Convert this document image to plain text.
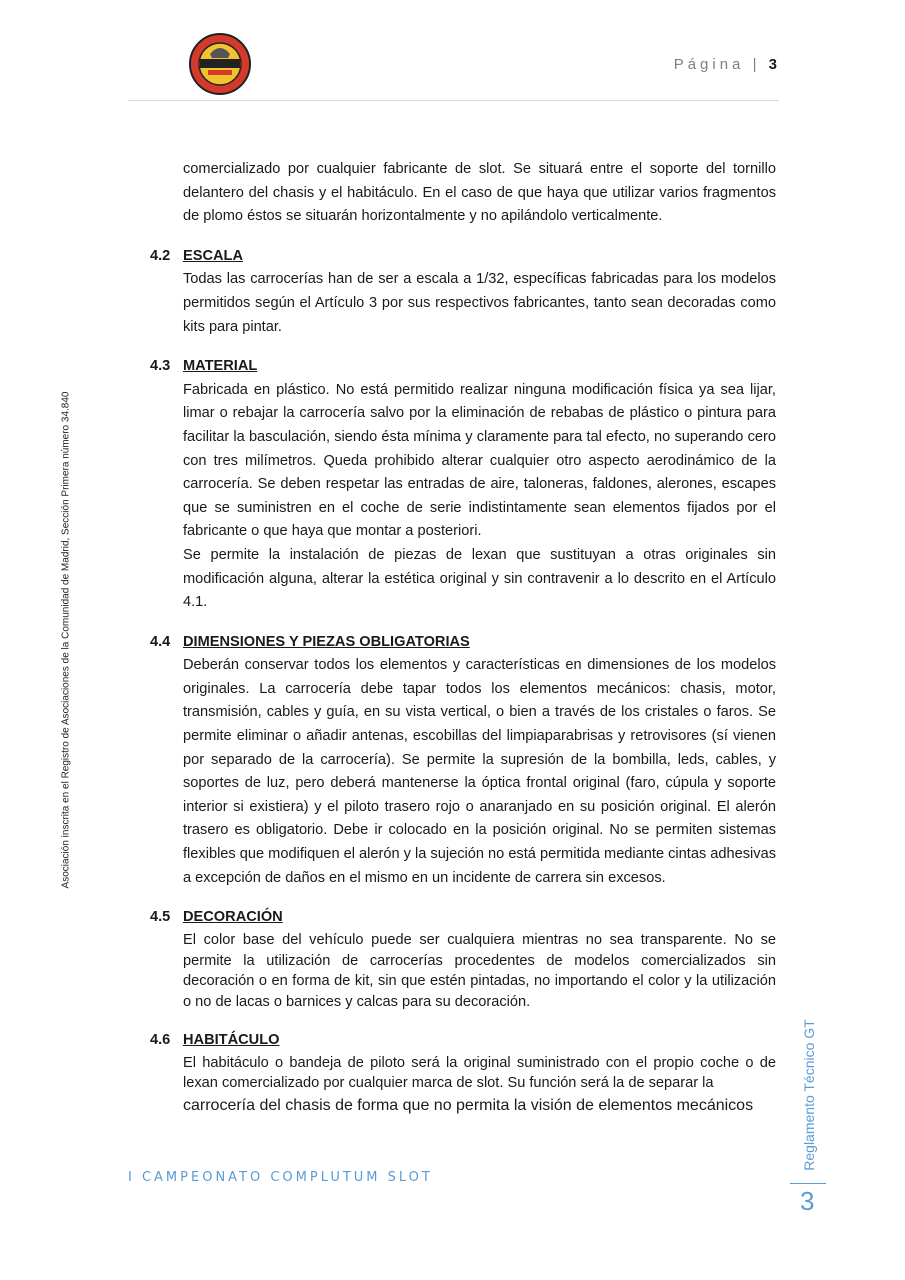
Página | 3
Asociación inscrita en el Registro de Asociaciones de la Comunidad de Madrid, Sección Primera número 34.840

comercializado por cualquier fabricante de slot. Se situará entre el soporte del tornillo delantero del chasis y el habitáculo. En el caso de que haya que utilizar varios fragmentos de plomo éstos se situarán horizontalmente y no apilándolo verticalmente.

4.2 ESCALA

Todas las carrocerías han de ser a escala a 1/32, específicas fabricadas para los modelos permitidos según el Artículo 3 por sus respectivos fabricantes, tanto sean decoradas como kits para pintar.

4.3 MATERIAL

Fabricada en plástico. No está permitido realizar ninguna modificación física ya sea lijar, limar o rebajar la carrocería salvo por la eliminación de rebabas de plástico o pintura para facilitar la basculación, siendo ésta mínima y claramente para tal efecto, no superando cero con tres milímetros. Queda prohibido alterar cualquier otro aspecto aerodinámico de la carrocería. Se deben respetar las entradas de aire, taloneras, faldones, alerones, escapes que se suministren en el coche de serie indistintamente sean elementos fijados por el fabricante o que haya que montar a posteriori.

Se permite la instalación de piezas de lexan que sustituyan a otras originales sin modificación alguna, alterar la estética original y sin contravenir a lo descrito en el Artículo 4.1.

4.4 DIMENSIONES Y PIEZAS OBLIGATORIAS

Deberán conservar todos los elementos y características en dimensiones de los modelos originales. La carrocería debe tapar todos los elementos mecánicos: chasis, motor, transmisión, cables y guía, en su vista vertical, o bien a través de los cristales o faros. Se permite eliminar o añadir antenas, escobillas del limpiaparabrisas y retrovisores (sí vienen por separado de la carrocería). Se permite la supresión de la bombilla, leds, cables, y soportes de luz, pero deberá mantenerse la óptica frontal original (faro, cúpula y soporte interior si existiera) y el piloto trasero rojo o anaranjado en su posición original. El alerón trasero es obligatorio. Debe ir colocado en la posición original. No se permiten sistemas flexibles que modifiquen el alerón y la sujeción no está permitida mediante cintas adhesivas a excepción de daños en el mismo en un incidente de carrera sin excesos.

4.5 DECORACIÓN

El color base del vehículo puede ser cualquiera mientras no sea transparente. No se permite la utilización de carrocerías procedentes de modelos comercializados sin decoración o en forma de kit, sin que estén pintadas, no importando el color y la utilización o no de lacas o barnices y calcas para su decoración.

4.6 HABITÁCULO

El habitáculo o bandeja de piloto será la original suministrado con el propio coche o de lexan comercializado por cualquier marca de slot. Su función será la de separar la

carrocería del chasis de forma que no permita la visión de elementos mecánicos

I CAMPEONATO COMPLUTUM SLOT
Reglamento Técnico GT
3
